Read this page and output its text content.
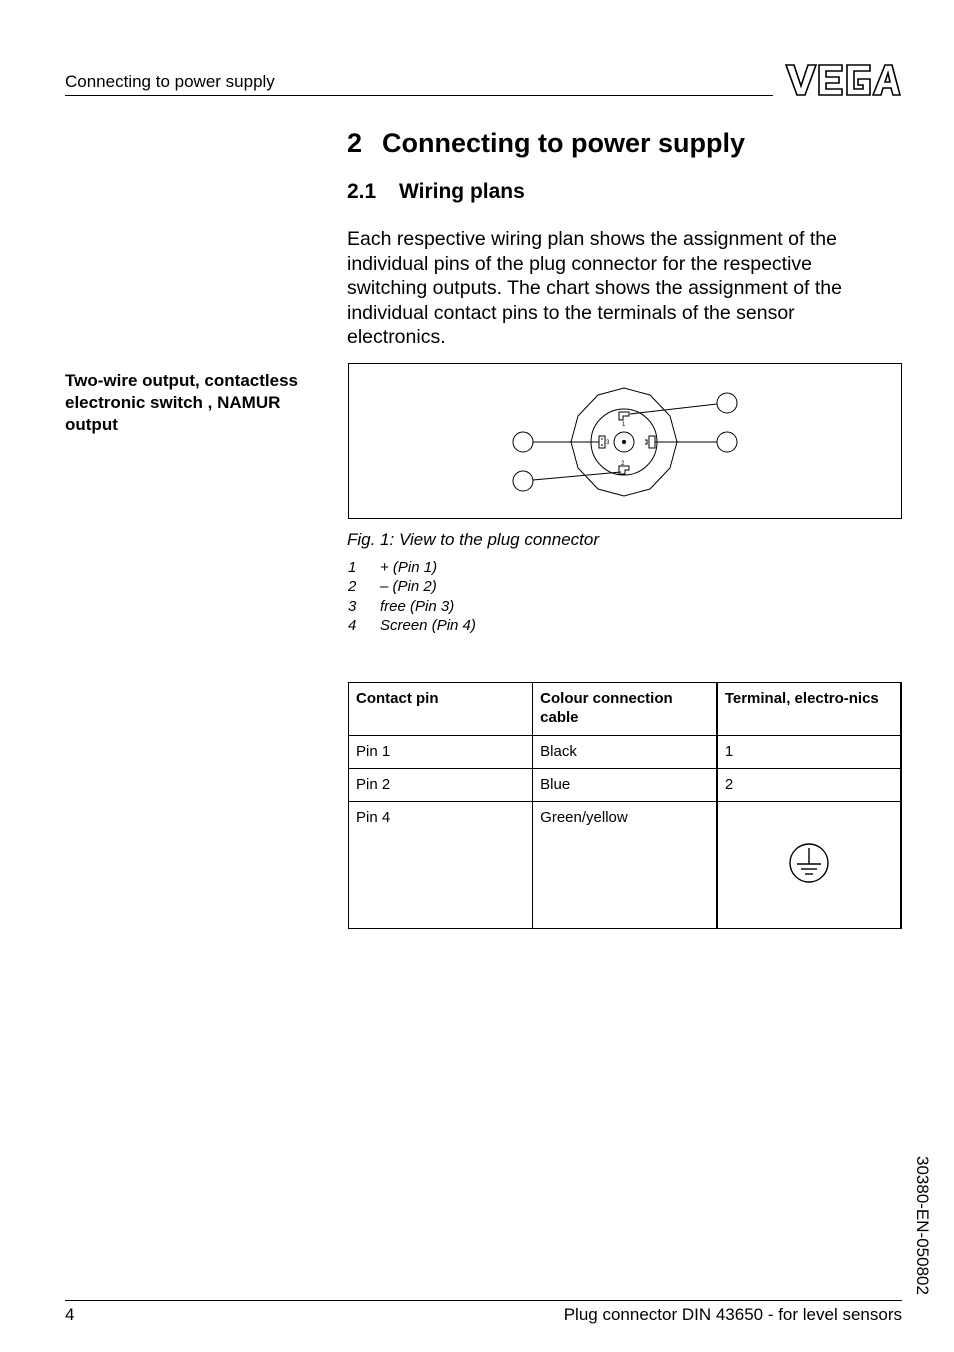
Connecting to power supply
2 Connecting to power supply
2.1 Wiring plans
Each respective wiring plan shows the assignment of the individual pins of the plug connector for the respective switching outputs. The chart shows the assignment of the individual contact pins to the terminals of the sensor electronics.
Two-wire output, contactless electronic switch , NAMUR output	1
3
2
Fig. 1: View to the plug connector
1 + (Pin 1)
2 – (Pin 2)
3 free (Pin 3)
4 Screen (Pin 4)
Contact pin	Colour connection cable	Terminal, electro-nics
Pin 1	Black	1
Pin 2	Blue	2
Pin 4	Green/yellow	
30380-EN-050802
4	Plug connector DIN 43650 - for level sensors
